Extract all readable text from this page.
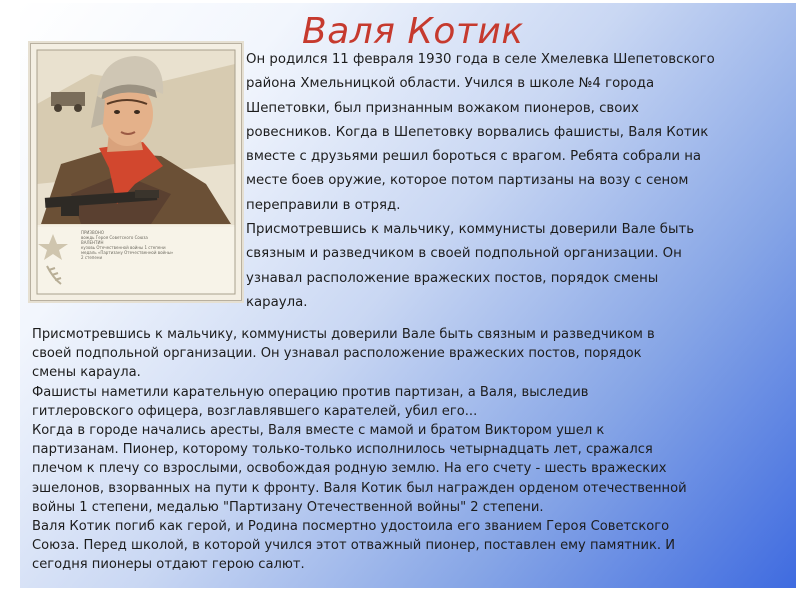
Валя Котик
ПРИЗВОНО
вождь Героя Советского Союза
ВАЛЕНТИН
кузовь Отечественной войны 1 степени
медаль «Партизану Отечественной войны»
2 степени

Он родился 11 февраля 1930 года в селе Хмелевка Шепетовского
района Хмельницкой области. Учился в школе №4 города
Шепетовки, был признанным вожаком пионеров, своих
ровесников. Когда в Шепетовку ворвались фашисты, Валя Котик
вместе с друзьями решил бороться с врагом. Ребята собрали на
месте боев оружие, которое потом партизаны на возу с сеном
переправили в отряд.

Присмотревшись к мальчику, коммунисты доверили Вале быть
связным и разведчиком в своей подпольной организации. Он
узнавал расположение вражеских постов, порядок смены
караула.

Присмотревшись к мальчику, коммунисты доверили Вале быть связным и разведчиком в
своей подпольной организации. Он узнавал расположение вражеских постов, порядок
смены караула.

Фашисты наметили карательную операцию против партизан, а Валя, выследив
гитлеровского офицера, возглавлявшего карателей, убил его...

Когда в городе начались аресты, Валя вместе с мамой и братом Виктором ушел к
партизанам. Пионер, которому только-только исполнилось четырнадцать лет, сражался
плечом к плечу со взрослыми, освобождая родную землю. На его счету - шесть вражеских
эшелонов, взорванных на пути к фронту. Валя Котик был награжден орденом отечественной
войны 1 степени, медалью "Партизану Отечественной войны" 2 степени.

Валя Котик погиб как герой, и Родина посмертно удостоила его званием Героя Советского
Союза. Перед школой, в которой учился этот отважный пионер, поставлен ему памятник. И
сегодня пионеры отдают герою салют.
